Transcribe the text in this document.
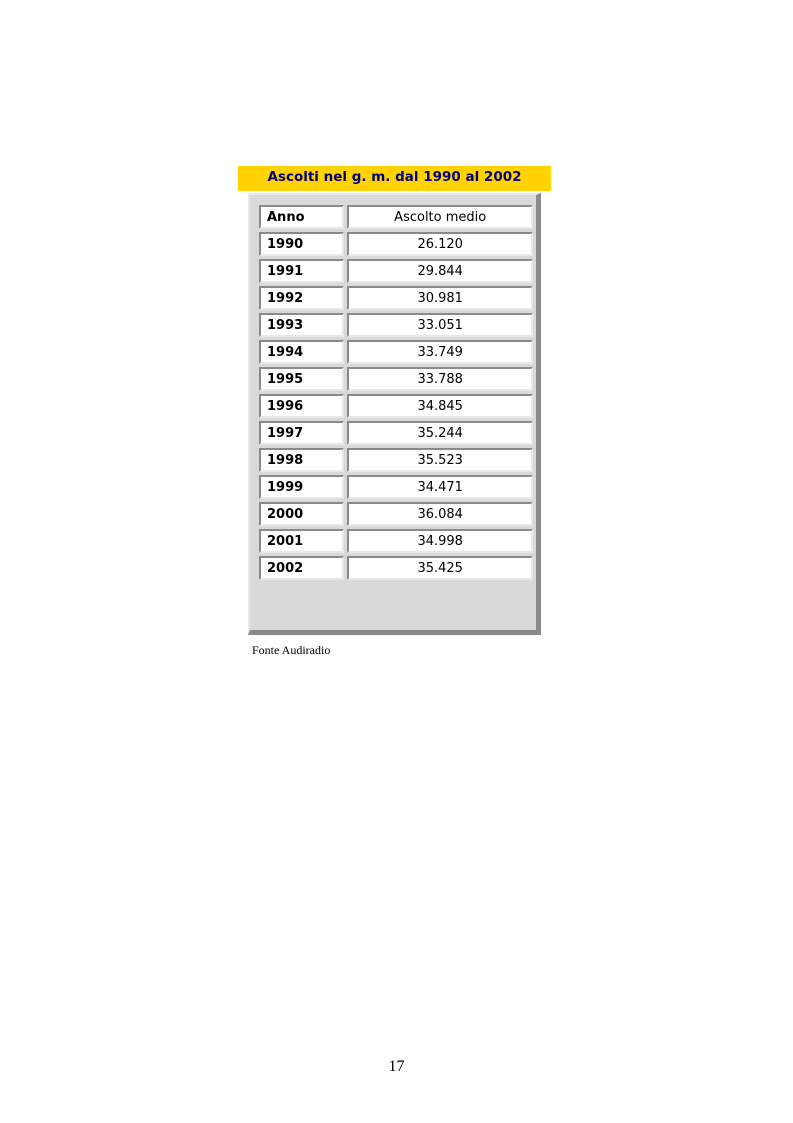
Ascolti nel g. m. dal 1990 al 2002
Anno	Ascolto medio
1990	26.120
1991	29.844
1992	30.981
1993	33.051
1994	33.749
1995	33.788
1996	34.845
1997	35.244
1998	35.523
1999	34.471
2000	36.084
2001	34.998
2002	35.425
Fonte Audiradio
17
